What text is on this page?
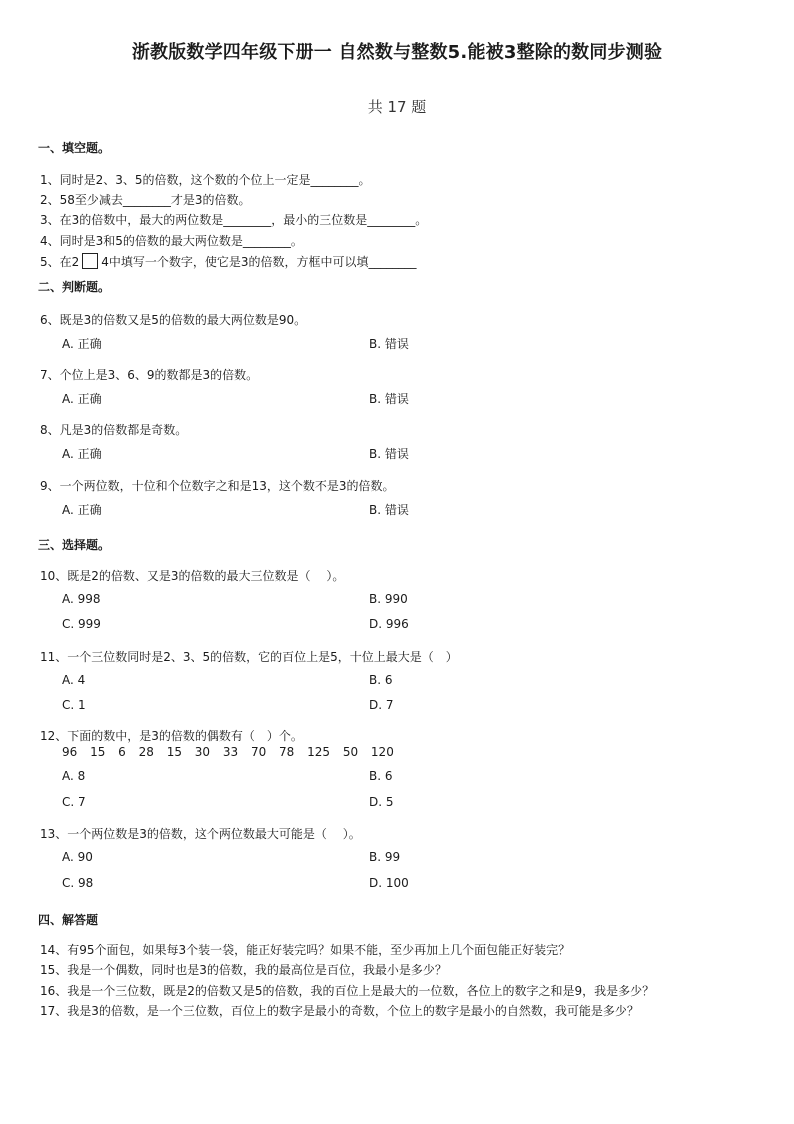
浙教版数学四年级下册一 自然数与整数5.能被3整除的数同步测验
共 17 题
一、填空题。
1、同时是2、3、5的倍数，这个数的个位上一定是________。
2、58至少减去________才是3的倍数。
3、在3的倍数中，最大的两位数是________，最小的三位数是________。
4、同时是3和5的倍数的最大两位数是________。
5、在2 4中填写一个数字，使它是3的倍数，方框中可以填________
二、判断题。
6、既是3的倍数又是5的倍数的最大两位数是90。
A. 正确	B. 错误
7、个位上是3、6、9的数都是3的倍数。
A. 正确	B. 错误
8、凡是3的倍数都是奇数。
A. 正确	B. 错误
9、一个两位数，十位和个位数字之和是13，这个数不是3的倍数。
A. 正确	B. 错误
三、选择题。
10、既是2的倍数、又是3的倍数的最大三位数是（　 ）。
A. 998	B. 990
C. 999	D. 996
11、一个三位数同时是2、3、5的倍数，它的百位上是5，十位上最大是（　）
A. 4	B. 6
C. 1	D. 7
12、下面的数中，是3的倍数的偶数有（　）个。
96 15 6 28 15 30 33 70 78 125 50 120
A. 8	B. 6
C. 7	D. 5
13、一个两位数是3的倍数，这个两位数最大可能是（　 ）。
A. 90	B. 99
C. 98	D. 100
四、解答题
14、有95个面包，如果每3个装一袋，能正好装完吗？如果不能，至少再加上几个面包能正好装完？
15、我是一个偶数，同时也是3的倍数，我的最高位是百位，我最小是多少？
16、我是一个三位数，既是2的倍数又是5的倍数，我的百位上是最大的一位数，各位上的数字之和是9，我是多少？
17、我是3的倍数，是一个三位数，百位上的数字是最小的奇数，个位上的数字是最小的自然数，我可能是多少？
